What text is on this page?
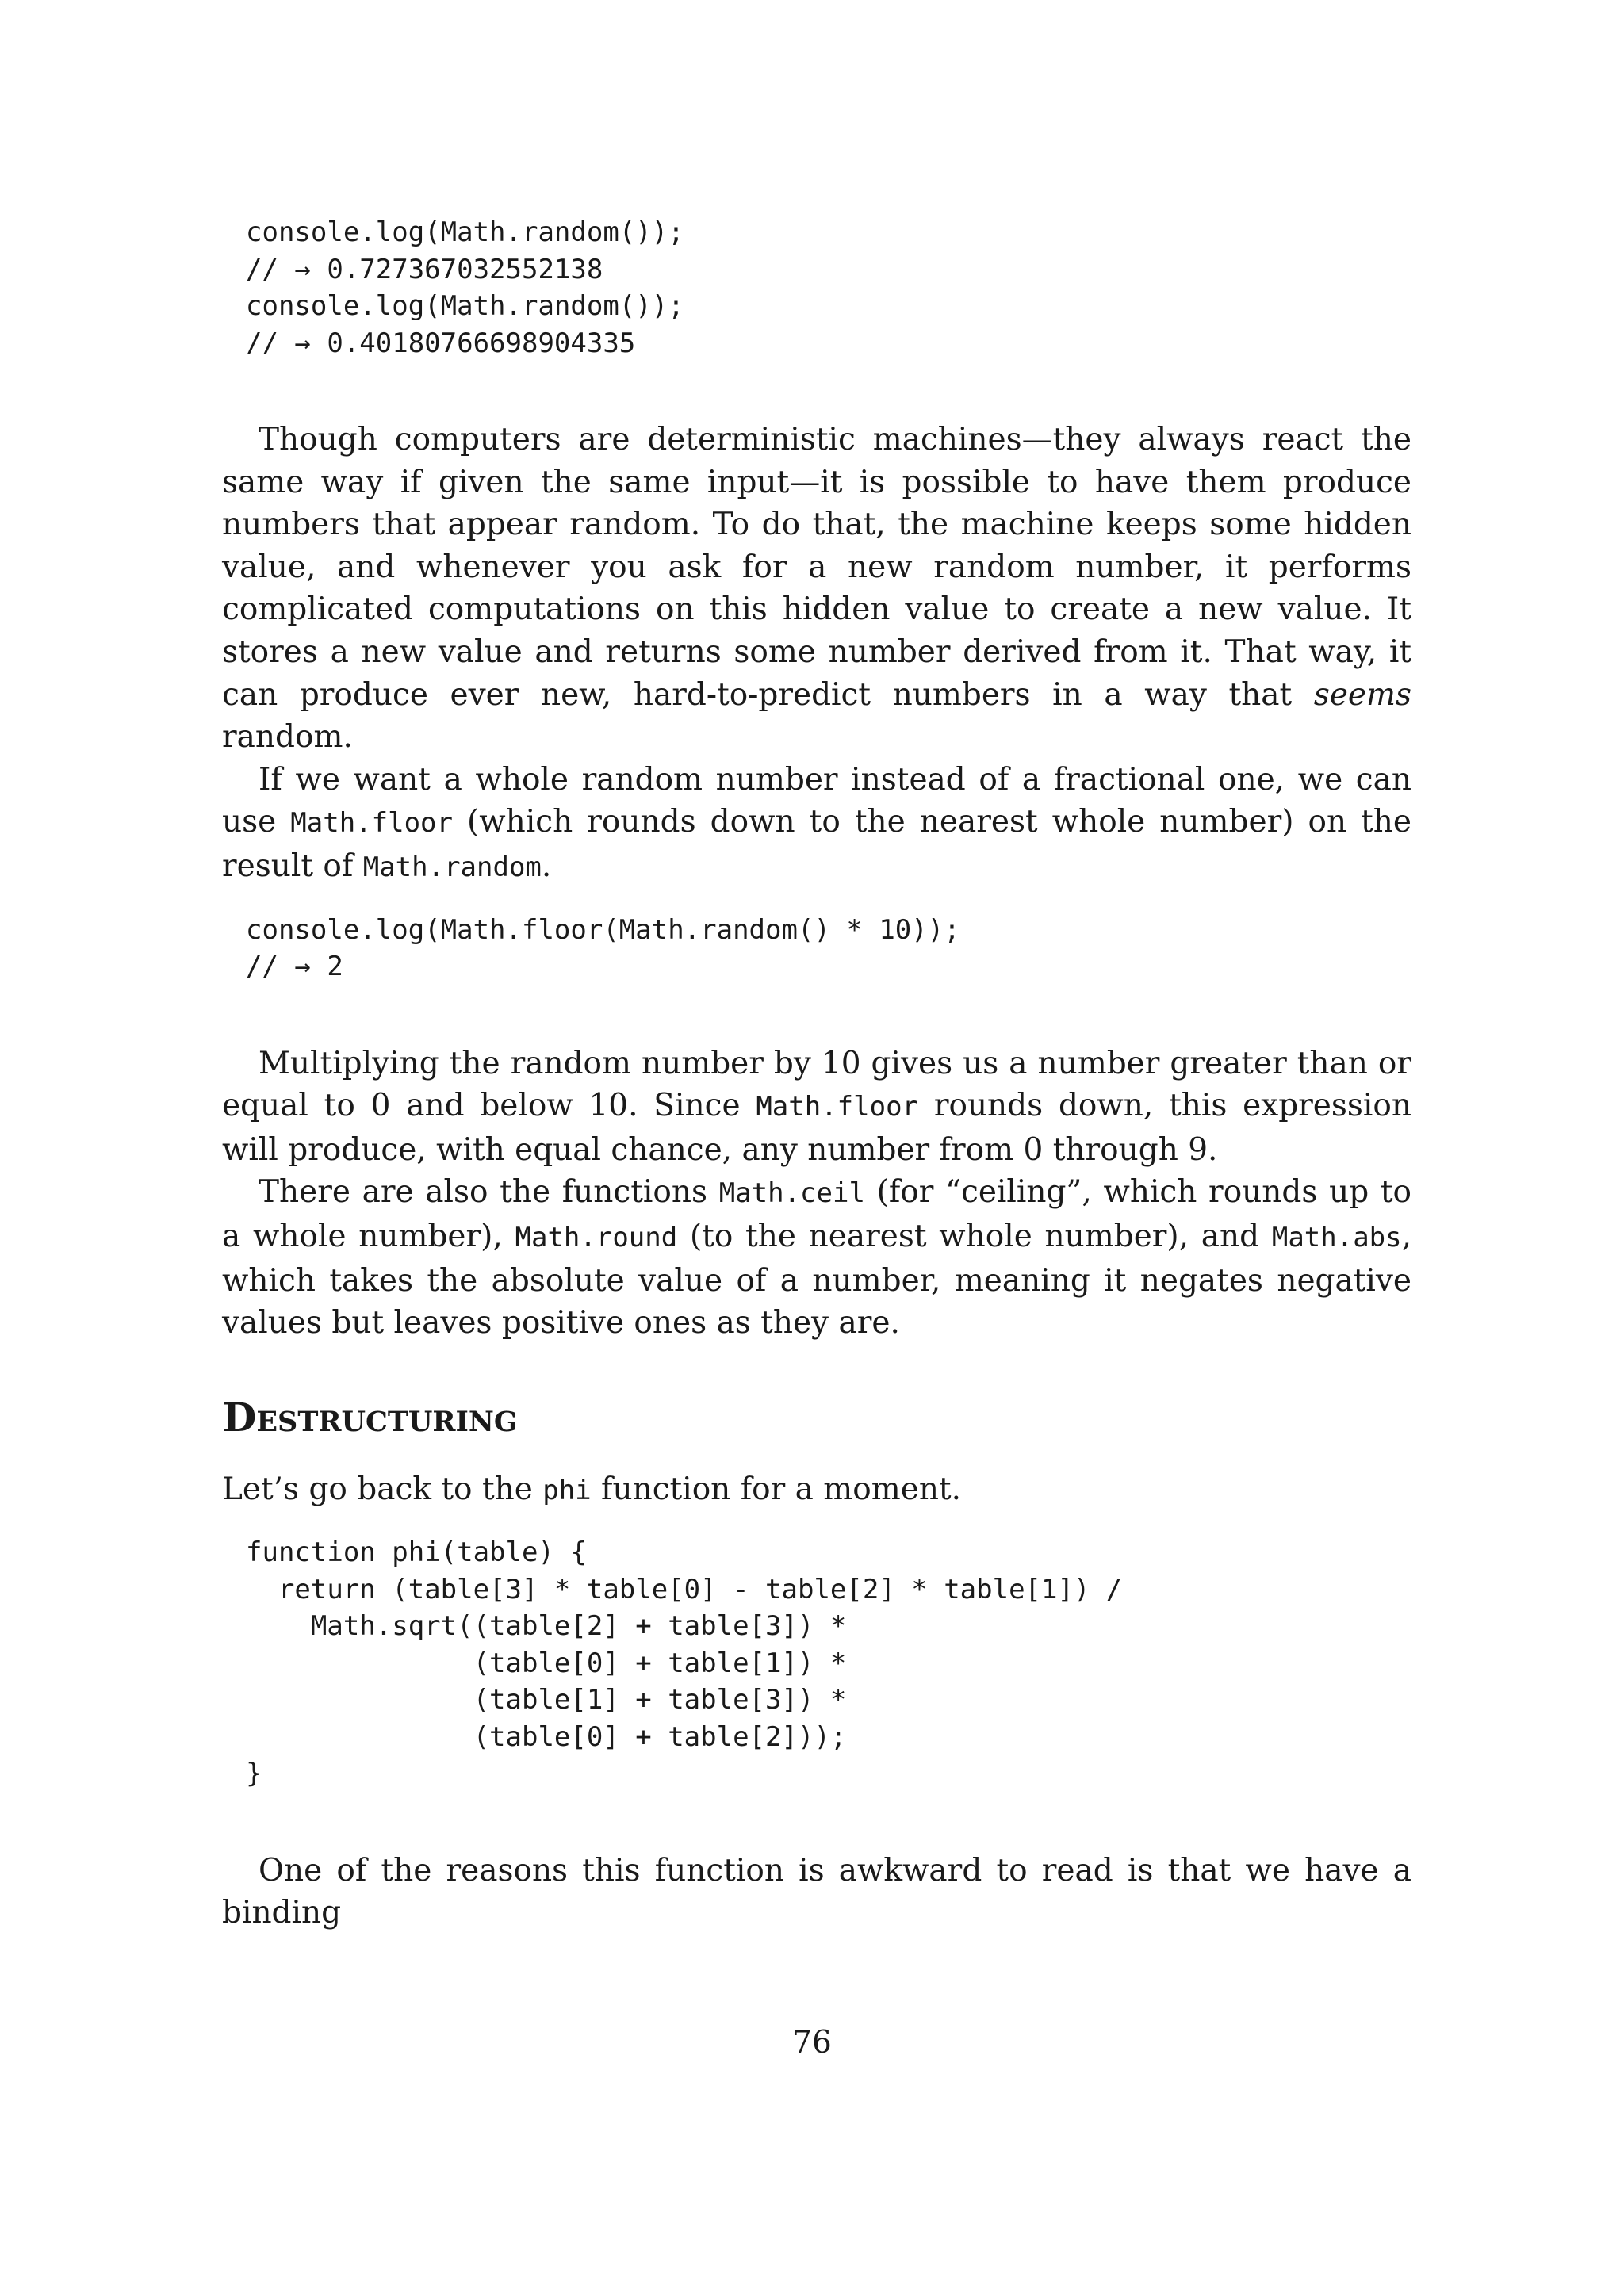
console.log(Math.random());
// → 0.727367032552138
console.log(Math.random());
// → 0.40180766698904335

Though computers are deterministic machines—they always react the same way if given the same input—it is possible to have them produce numbers that appear random. To do that, the machine keeps some hidden value, and whenever you ask for a new random number, it performs complicated computations on this hidden value to create a new value. It stores a new value and returns some number derived from it. That way, it can produce ever new, hard-to-predict numbers in a way that seems random.

If we want a whole random number instead of a fractional one, we can use Math.floor (which rounds down to the nearest whole number) on the result of Math.random.

console.log(Math.floor(Math.random() * 10));
// → 2

Multiplying the random number by 10 gives us a number greater than or equal to 0 and below 10. Since Math.floor rounds down, this expression will produce, with equal chance, any number from 0 through 9.

There are also the functions Math.ceil (for “ceiling”, which rounds up to a whole number), Math.round (to the nearest whole number), and Math.abs, which takes the absolute value of a number, meaning it negates negative values but leaves positive ones as they are.

Destructuring

Let’s go back to the phi function for a moment.

function phi(table) {
return (table[3] * table[0] - table[2] * table[1]) /
Math.sqrt((table[2] + table[3]) *
(table[0] + table[1]) *
(table[1] + table[3]) *
(table[0] + table[2]));
}

One of the reasons this function is awkward to read is that we have a binding

76
